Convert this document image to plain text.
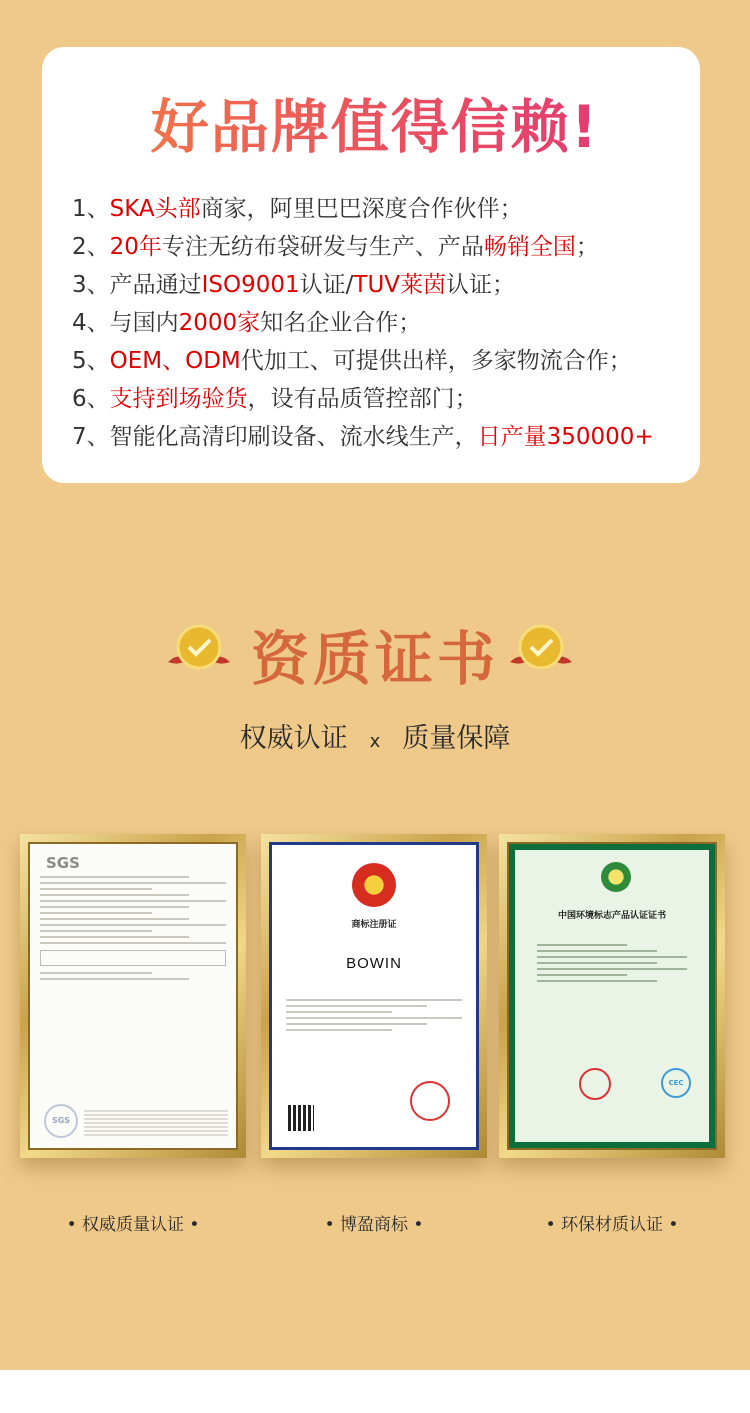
好品牌值得信赖!
1、SKA头部商家，阿里巴巴深度合作伙伴；
2、20年专注无纺布袋研发与生产、产品畅销全国；
3、产品通过ISO9001认证/TUV莱茵认证；
4、与国内2000家知名企业合作；
5、OEM、ODM代加工、可提供出样，多家物流合作；
6、支持到场验货，设有品质管控部门；
7、智能化高清印刷设备、流水线生产，日产量350000+
资质证书
权威认证 x 质量保障
SGS
SGS
商标注册证
BOWIN
中国环境标志产品认证证书
CEC
• 权威质量认证 •	• 博盈商标 •	• 环保材质认证 •
